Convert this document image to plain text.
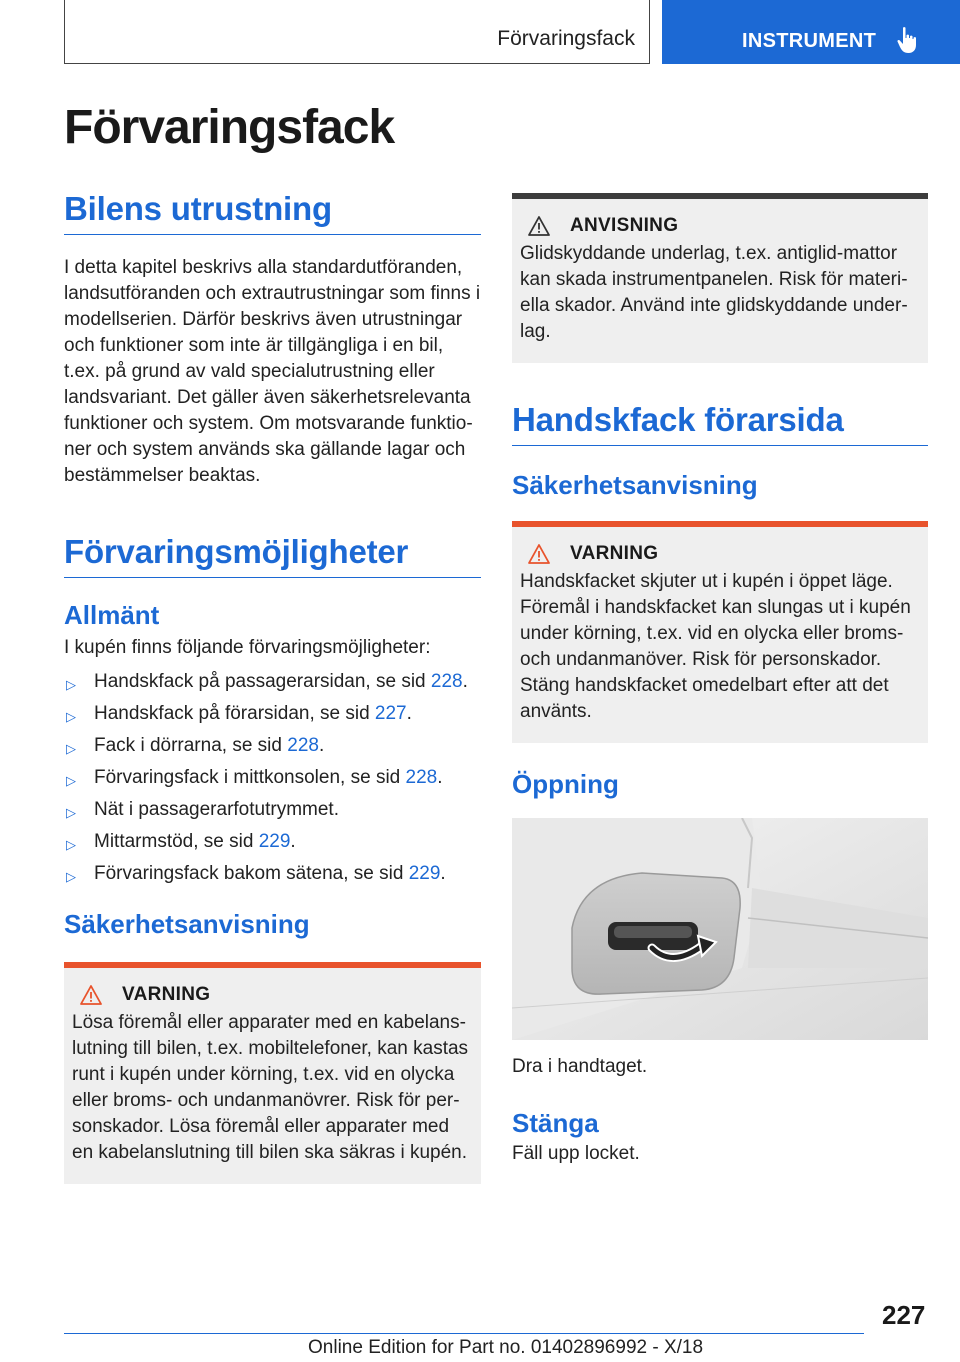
Förvaringsfack	INSTRUMENT
Förvaringsfack
Bilens utrustning
I detta kapitel beskrivs alla standardutföranden, landsutföranden och extrautrustningar som finns i modellserien. Därför beskrivs även utrustningar och funktioner som inte är tillgängliga i en bil, t.ex. på grund av vald specialutrustning eller landsvariant. Det gäller även säkerhetsrelevanta funktioner och system. Om motsvarande funktio-ner och system används ska gällande lagar och bestämmelser beaktas.
Förvaringsmöjligheter
Allmänt
I kupén finns följande förvaringsmöjligheter:
▷ Handskfack på passagerarsidan, se sid 228.
▷ Handskfack på förarsidan, se sid 227.
▷ Fack i dörrarna, se sid 228.
▷ Förvaringsfack i mittkonsolen, se sid 228.
▷ Nät i passagerarfotutrymmet.
▷ Mittarmstöd, se sid 229.
▷ Förvaringsfack bakom sätena, se sid 229.
Säkerhetsanvisning
VARNING
Lösa föremål eller apparater med en kabelans-lutning till bilen, t.ex. mobiltelefoner, kan kastas runt i kupén under körning, t.ex. vid en olycka eller broms- och undanmanövrer. Risk för per-sonskador. Lösa föremål eller apparater med en kabelanslutning till bilen ska säkras i kupén.
ANVISNING
Glidskyddande underlag, t.ex. antiglid-mattor kan skada instrumentpanelen. Risk för materi-ella skador. Använd inte glidskyddande under-lag.
Handskfack förarsida
Säkerhetsanvisning
VARNING
Handskfacket skjuter ut i kupén i öppet läge. Föremål i handskfacket kan slungas ut i kupén under körning, t.ex. vid en olycka eller broms- och undanmanöver. Risk för personskador. Stäng handskfacket omedelbart efter att det använts.
Öppning
Dra i handtaget.
Stänga
Fäll upp locket.
227
Online Edition for Part no. 01402896992 - X/18
